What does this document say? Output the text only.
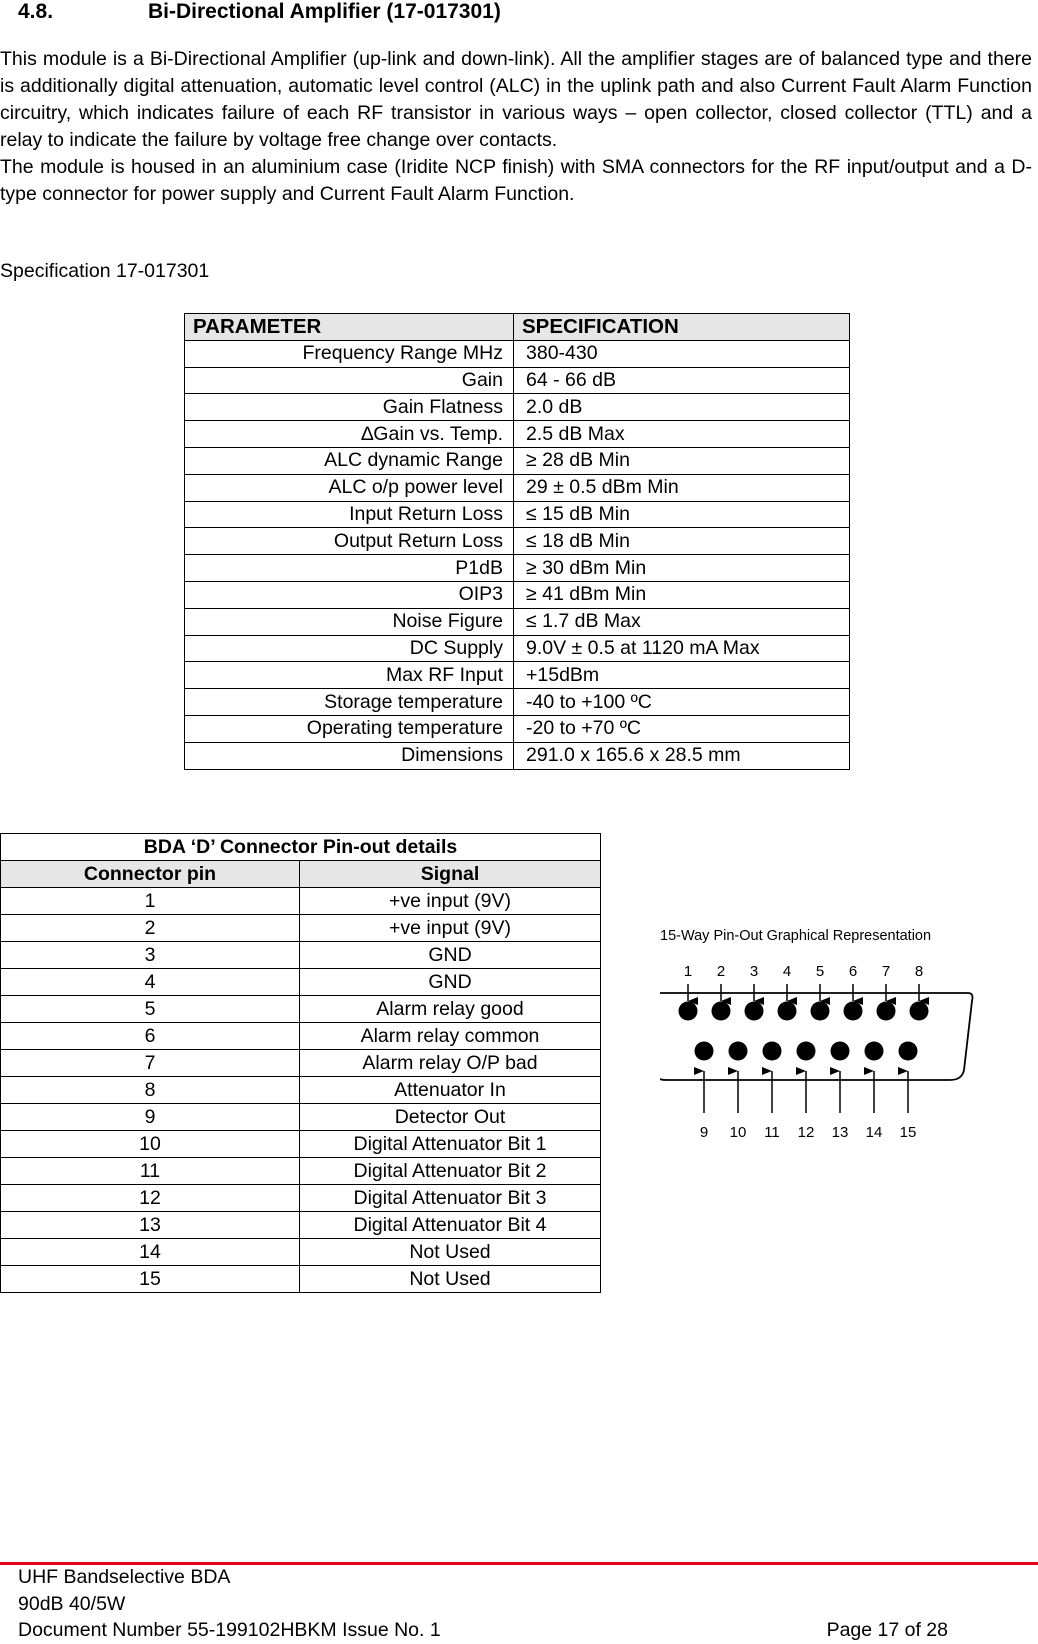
4.8.	Bi-Directional Amplifier (17-017301)

This module is a Bi-Directional Amplifier (up-link and down-link). All the amplifier stages are of balanced type and there is additionally digital attenuation, automatic level control (ALC) in the uplink path and also Current Fault Alarm Function circuitry, which indicates failure of each RF transistor in various ways – open collector, closed collector (TTL) and a relay to indicate the failure by voltage free change over contacts.

The module is housed in an aluminium case (Iridite NCP finish) with SMA connectors for the RF input/output and a D-type connector for power supply and Current Fault Alarm Function.

Specification 17-017301
PARAMETER	SPECIFICATION
Frequency Range MHz	380-430
Gain	64 - 66 dB
Gain Flatness	2.0 dB
∆Gain vs. Temp.	2.5 dB Max
ALC dynamic Range	≥ 28 dB Min
ALC o/p power level	29 ± 0.5 dBm Min
Input Return Loss	≤ 15 dB Min
Output Return Loss	≤ 18 dB Min
P1dB	≥ 30 dBm Min
OIP3	≥ 41 dBm Min
Noise Figure	≤ 1.7 dB Max
DC Supply	9.0V ± 0.5 at 1120 mA Max
Max RF Input	+15dBm
Storage temperature	-40 to +100 ºC
Operating temperature	-20 to +70 ºC
Dimensions	291.0 x 165.6 x 28.5 mm
BDA ‘D’ Connector Pin-out details	
Connector pin	Signal
1	+ve input (9V)
2	+ve input (9V)
3	GND
4	GND
5	Alarm relay good
6	Alarm relay common
7	Alarm relay O/P bad
8	Attenuator In
9	Detector Out
10	Digital Attenuator Bit 1
11	Digital Attenuator Bit 2
12	Digital Attenuator Bit 3
13	Digital Attenuator Bit 4
14	Not Used
15	Not Used
15-Way Pin-Out Graphical Representation
1 2 3 4 5 6 7 8
9 10 11 12 13 14 15
UHF Bandselective BDA
90dB 40/5W
Document Number 55-199102HBKM Issue No. 1	Page 17 of 28
